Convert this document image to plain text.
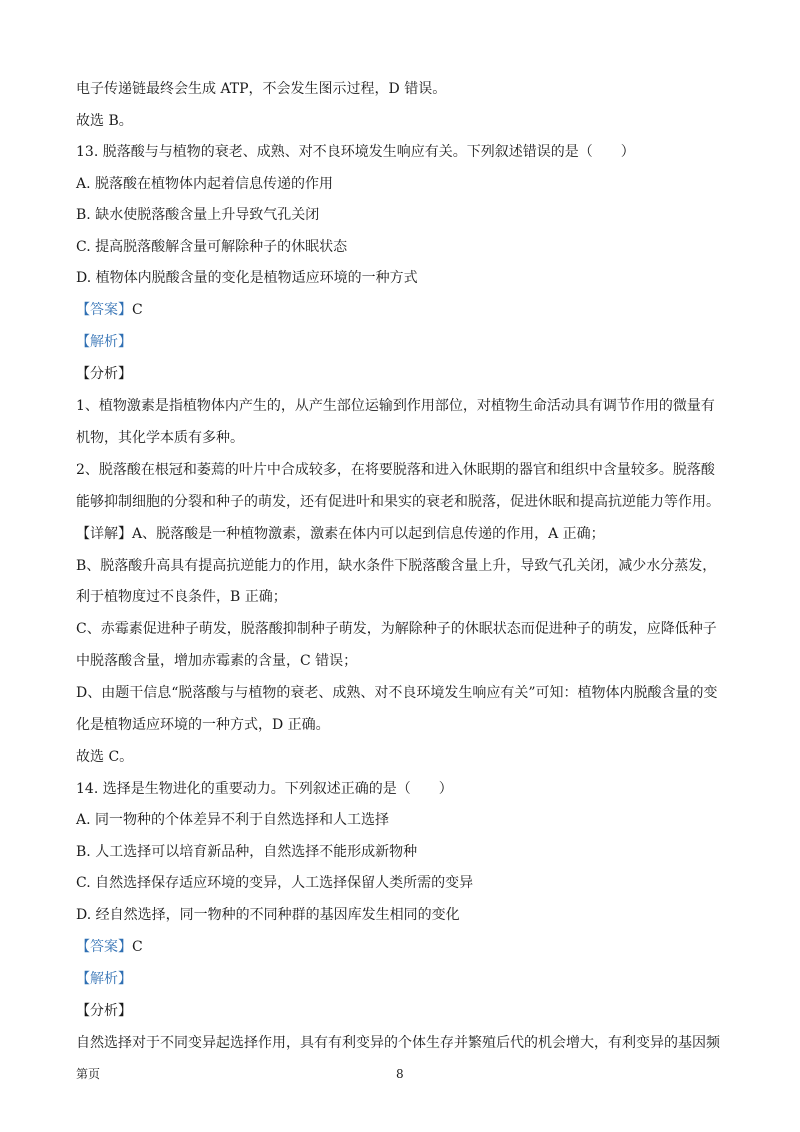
电子传递链最终会生成 ATP，不会发生图示过程，D 错误。
故选 B。
13. 脱落酸与与植物的衰老、成熟、对不良环境发生响应有关。下列叙述错误的是（　　）
A. 脱落酸在植物体内起着信息传递的作用
B. 缺水使脱落酸含量上升导致气孔关闭
C. 提高脱落酸解含量可解除种子的休眠状态
D. 植物体内脱酸含量的变化是植物适应环境的一种方式
【答案】C
【解析】
【分析】
1、植物激素是指植物体内产生的，从产生部位运输到作用部位，对植物生命活动具有调节作用的微量有
机物，其化学本质有多种。
2、脱落酸在根冠和萎蔫的叶片中合成较多，在将要脱落和进入休眠期的器官和组织中含量较多。脱落酸
能够抑制细胞的分裂和种子的萌发，还有促进叶和果实的衰老和脱落，促进休眠和提高抗逆能力等作用。
【详解】A、脱落酸是一种植物激素，激素在体内可以起到信息传递的作用，A 正确；
B、脱落酸升高具有提高抗逆能力的作用，缺水条件下脱落酸含量上升，导致气孔关闭，减少水分蒸发，
利于植物度过不良条件，B 正确；
C、赤霉素促进种子萌发，脱落酸抑制种子萌发，为解除种子的休眠状态而促进种子的萌发，应降低种子
中脱落酸含量，增加赤霉素的含量，C 错误；
D、由题干信息“脱落酸与与植物的衰老、成熟、对不良环境发生响应有关”可知：植物体内脱酸含量的变
化是植物适应环境的一种方式，D 正确。
故选 C。
14. 选择是生物进化的重要动力。下列叙述正确的是（　　）
A. 同一物种的个体差异不利于自然选择和人工选择
B. 人工选择可以培育新品种，自然选择不能形成新物种
C. 自然选择保存适应环境的变异，人工选择保留人类所需的变异
D. 经自然选择，同一物种的不同种群的基因库发生相同的变化
【答案】C
【解析】
【分析】
自然选择对于不同变异起选择作用，具有有利变异的个体生存并繁殖后代的机会增大，有利变异的基因频
第页	8
